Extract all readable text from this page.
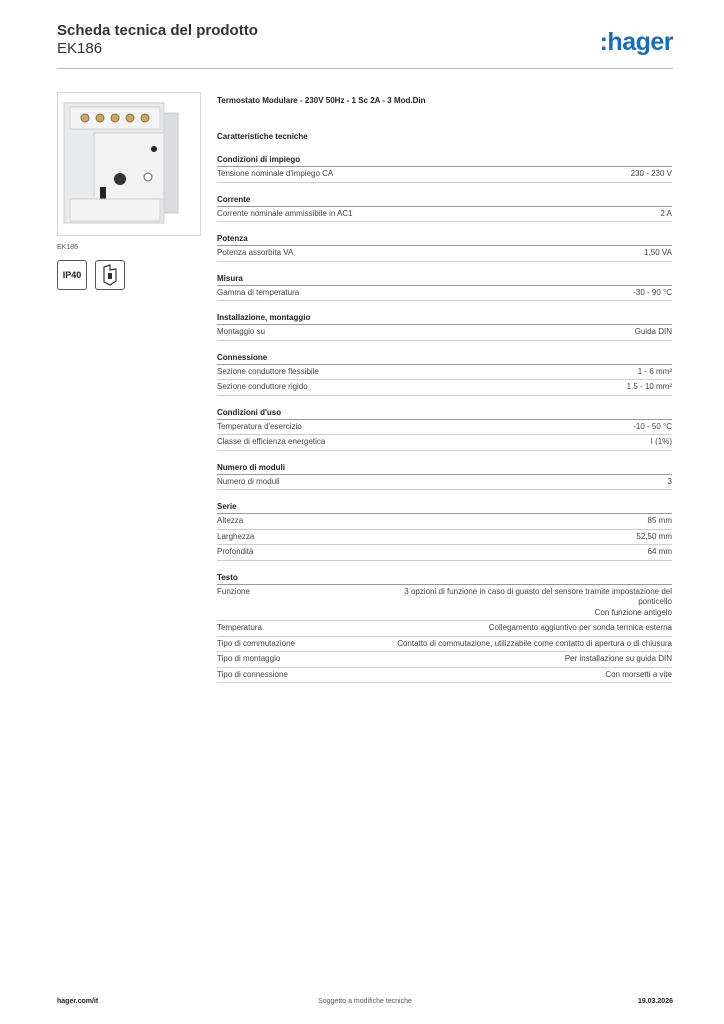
Scheda tecnica del prodotto
EK186	:hager
EK186
IP40
Termostato Modulare - 230V 50Hz - 1 Sc 2A - 3 Mod.Din
Caratteristiche tecniche
Condizioni di impiego
Tensione nominale d'impiego CA	230 - 230 V
Corrente
Corrente nominale ammissibile in AC1	2 A
Potenza
Potenza assorbita VA	1,50 VA
Misura
Gamma di temperatura	-30 - 90 °C
Installazione, montaggio
Montaggio su	Guida DIN
Connessione
Sezione conduttore flessibile	1 - 6 mm²
Sezione conduttore rigido	1.5 - 10 mm²
Condizioni d'uso
Temperatura d'esercizio	-10 - 50 °C
Classe di efficienza energetica	I (1%)
Numero di moduli
Numero di moduli	3
Serie
Altezza	85 mm
Larghezza	52,50 mm
Profondità	64 mm
Testo
Funzione	3 opzioni di funzione in caso di guasto del sensore tramite impostazione del ponticello
Con funzione antigelo
Temperatura	Collegamento aggiuntivo per sonda termica esterna
Tipo di commutazione	Contatto di commutazione, utilizzabile come contatto di apertura o di chiusura
Tipo di montaggio	Per installazione su guida DIN
Tipo di connessione	Con morsetti a vite
hager.com/it	Soggetto a modifiche tecniche	19.03.2026
